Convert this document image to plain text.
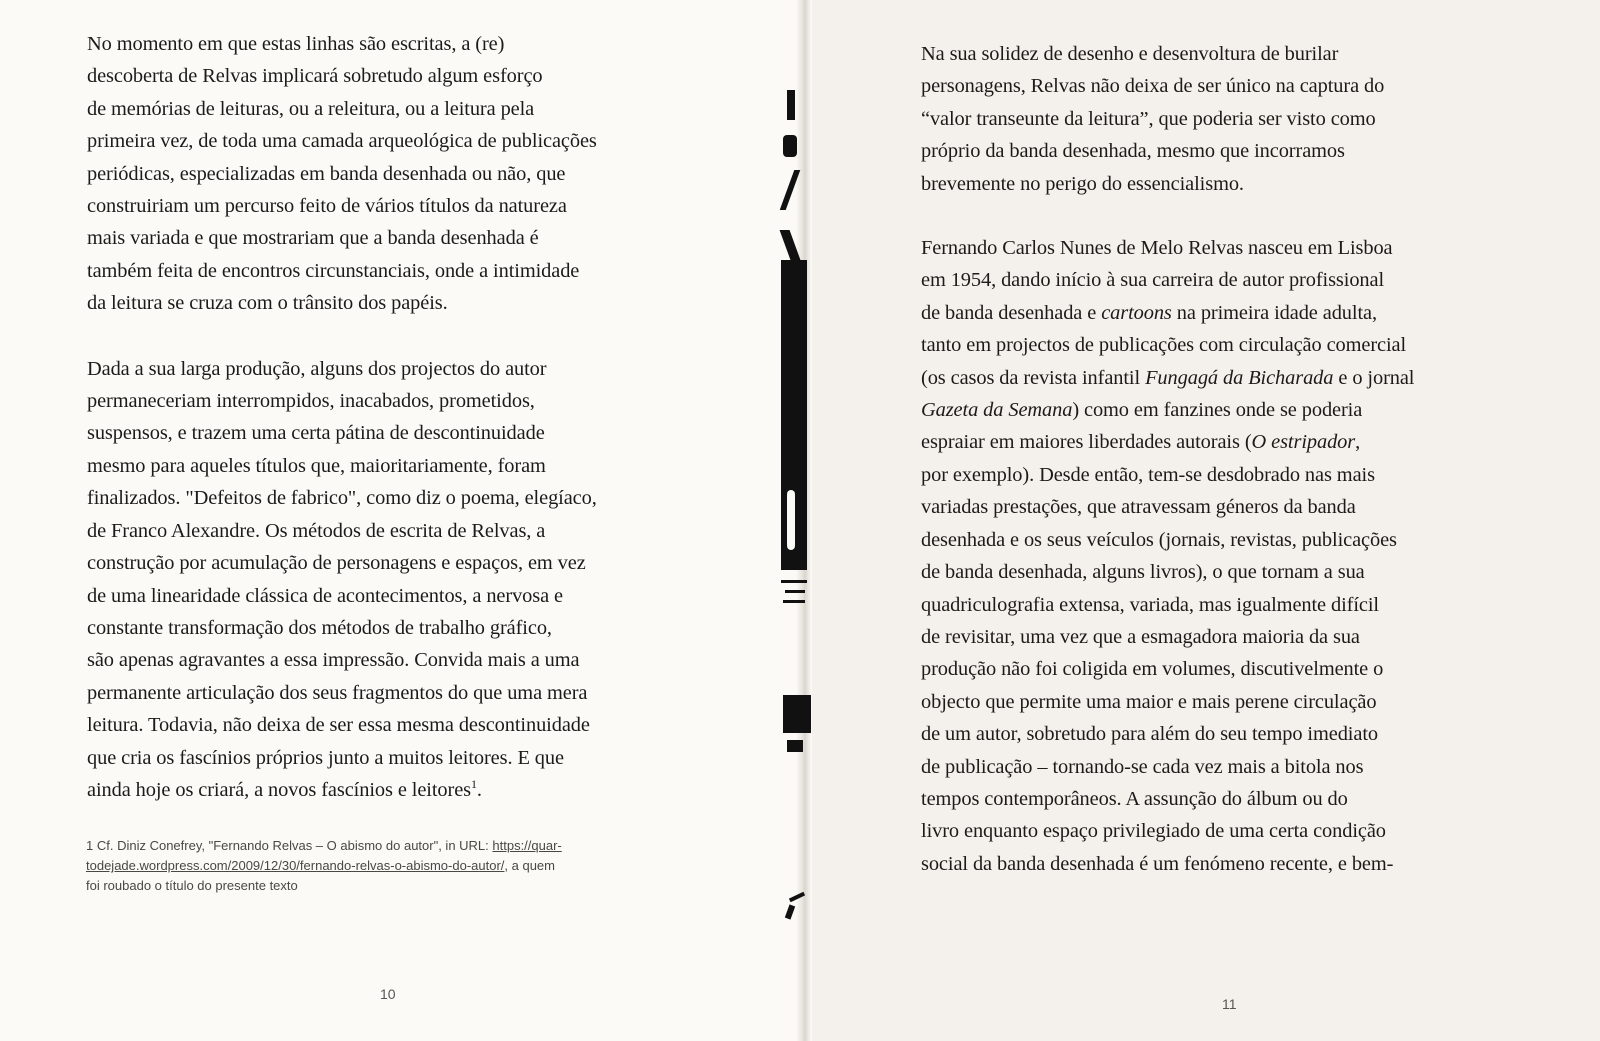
No momento em que estas linhas são escritas, a (re)
descoberta de Relvas implicará sobretudo algum esforço
de memórias de leituras, ou a releitura, ou a leitura pela
primeira vez, de toda uma camada arqueológica de publicações
periódicas, especializadas em banda desenhada ou não, que
construiriam um percurso feito de vários títulos da natureza
mais variada e que mostrariam que a banda desenhada é
também feita de encontros circunstanciais, onde a intimidade
da leitura se cruza com o trânsito dos papéis.

Dada a sua larga produção, alguns dos projectos do autor
permaneceriam interrompidos, inacabados, prometidos,
suspensos, e trazem uma certa pátina de descontinuidade
mesmo para aqueles títulos que, maioritariamente, foram
finalizados. "Defeitos de fabrico", como diz o poema, elegíaco,
de Franco Alexandre. Os métodos de escrita de Relvas, a
construção por acumulação de personagens e espaços, em vez
de uma linearidade clássica de acontecimentos, a nervosa e
constante transformação dos métodos de trabalho gráfico,
são apenas agravantes a essa impressão. Convida mais a uma
permanente articulação dos seus fragmentos do que uma mera
leitura. Todavia, não deixa de ser essa mesma descontinuidade
que cria os fascínios próprios junto a muitos leitores. E que
ainda hoje os criará, a novos fascínios e leitores$^1$.

1 Cf. Diniz Conefrey, "Fernando Relvas – O abismo do autor", in URL: https://quar-
todejade.wordpress.com/2009/12/30/fernando-relvas-o-abismo-do-autor/, a quem
foi roubado o título do presente texto
10

Na sua solidez de desenho e desenvoltura de burilar
personagens, Relvas não deixa de ser único na captura do
“valor transeunte da leitura”, que poderia ser visto como
próprio da banda desenhada, mesmo que incorramos
brevemente no perigo do essencialismo.

Fernando Carlos Nunes de Melo Relvas nasceu em Lisboa
em 1954, dando início à sua carreira de autor profissional
de banda desenhada e cartoons na primeira idade adulta,
tanto em projectos de publicações com circulação comercial
(os casos da revista infantil Fungagá da Bicharada e o jornal
Gazeta da Semana) como em fanzines onde se poderia
espraiar em maiores liberdades autorais (O estripador,
por exemplo). Desde então, tem-se desdobrado nas mais
variadas prestações, que atravessam géneros da banda
desenhada e os seus veículos (jornais, revistas, publicações
de banda desenhada, alguns livros), o que tornam a sua
quadriculografia extensa, variada, mas igualmente difícil
de revisitar, uma vez que a esmagadora maioria da sua
produção não foi coligida em volumes, discutivelmente o
objecto que permite uma maior e mais perene circulação
de um autor, sobretudo para além do seu tempo imediato
de publicação – tornando-se cada vez mais a bitola nos
tempos contemporâneos. A assunção do álbum ou do
livro enquanto espaço privilegiado de uma certa condição
social da banda desenhada é um fenómeno recente, e bem-

11
